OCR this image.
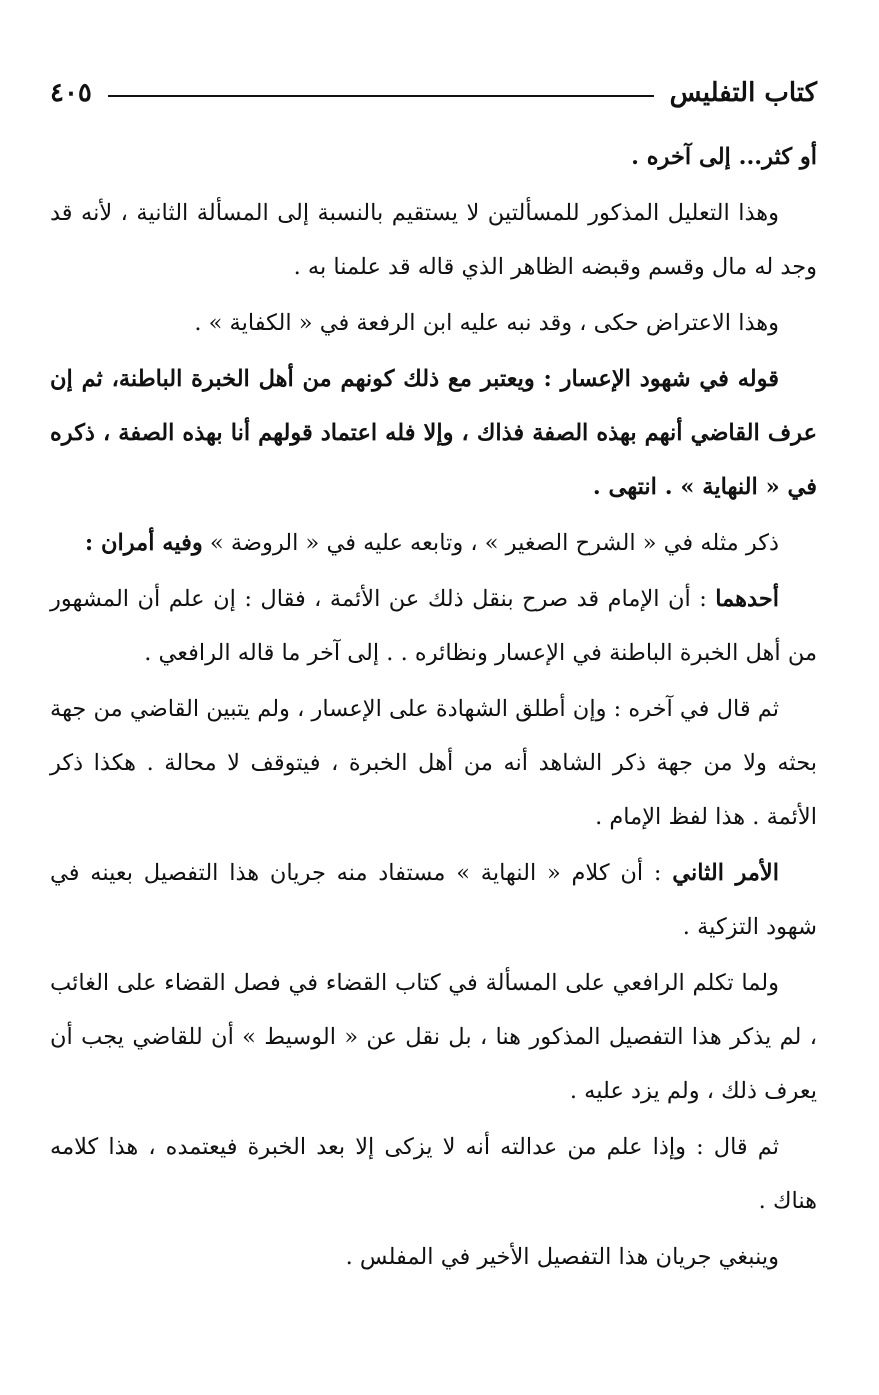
كتاب التفليس
٤٠٥

أو كثر... إلى آخره .

وهذا التعليل المذكور للمسألتين لا يستقيم بالنسبة إلى المسألة الثانية ، لأنه قد وجد له مال وقسم وقبضه الظاهر الذي قاله قد علمنا به .

وهذا الاعتراض حكى ، وقد نبه عليه ابن الرفعة في « الكفاية » .

قوله في شهود الإعسار : ويعتبر مع ذلك كونهم من أهل الخبرة الباطنة، ثم إن عرف القاضي أنهم بهذه الصفة فذاك ، وإلا فله اعتماد قولهم أنا بهذه الصفة ، ذكره في « النهاية » . انتهى .

ذكر مثله في « الشرح الصغير » ، وتابعه عليه في « الروضة » وفيه أمران :

أحدهما : أن الإمام قد صرح بنقل ذلك عن الأئمة ، فقال : إن علم أن المشهور من أهل الخبرة الباطنة في الإعسار ونظائره . . إلى آخر ما قاله الرافعي .

ثم قال في آخره : وإن أطلق الشهادة على الإعسار ، ولم يتبين القاضي من جهة بحثه ولا من جهة ذكر الشاهد أنه من أهل الخبرة ، فيتوقف لا محالة . هكذا ذكر الأئمة . هذا لفظ الإمام .

الأمر الثاني : أن كلام « النهاية » مستفاد منه جريان هذا التفصيل بعينه في شهود التزكية .

ولما تكلم الرافعي على المسألة في كتاب القضاء في فصل القضاء على الغائب ، لم يذكر هذا التفصيل المذكور هنا ، بل نقل عن « الوسيط » أن للقاضي يجب أن يعرف ذلك ، ولم يزد عليه .

ثم قال : وإذا علم من عدالته أنه لا يزكى إلا بعد الخبرة فيعتمده ، هذا كلامه هناك .

وينبغي جريان هذا التفصيل الأخير في المفلس .
